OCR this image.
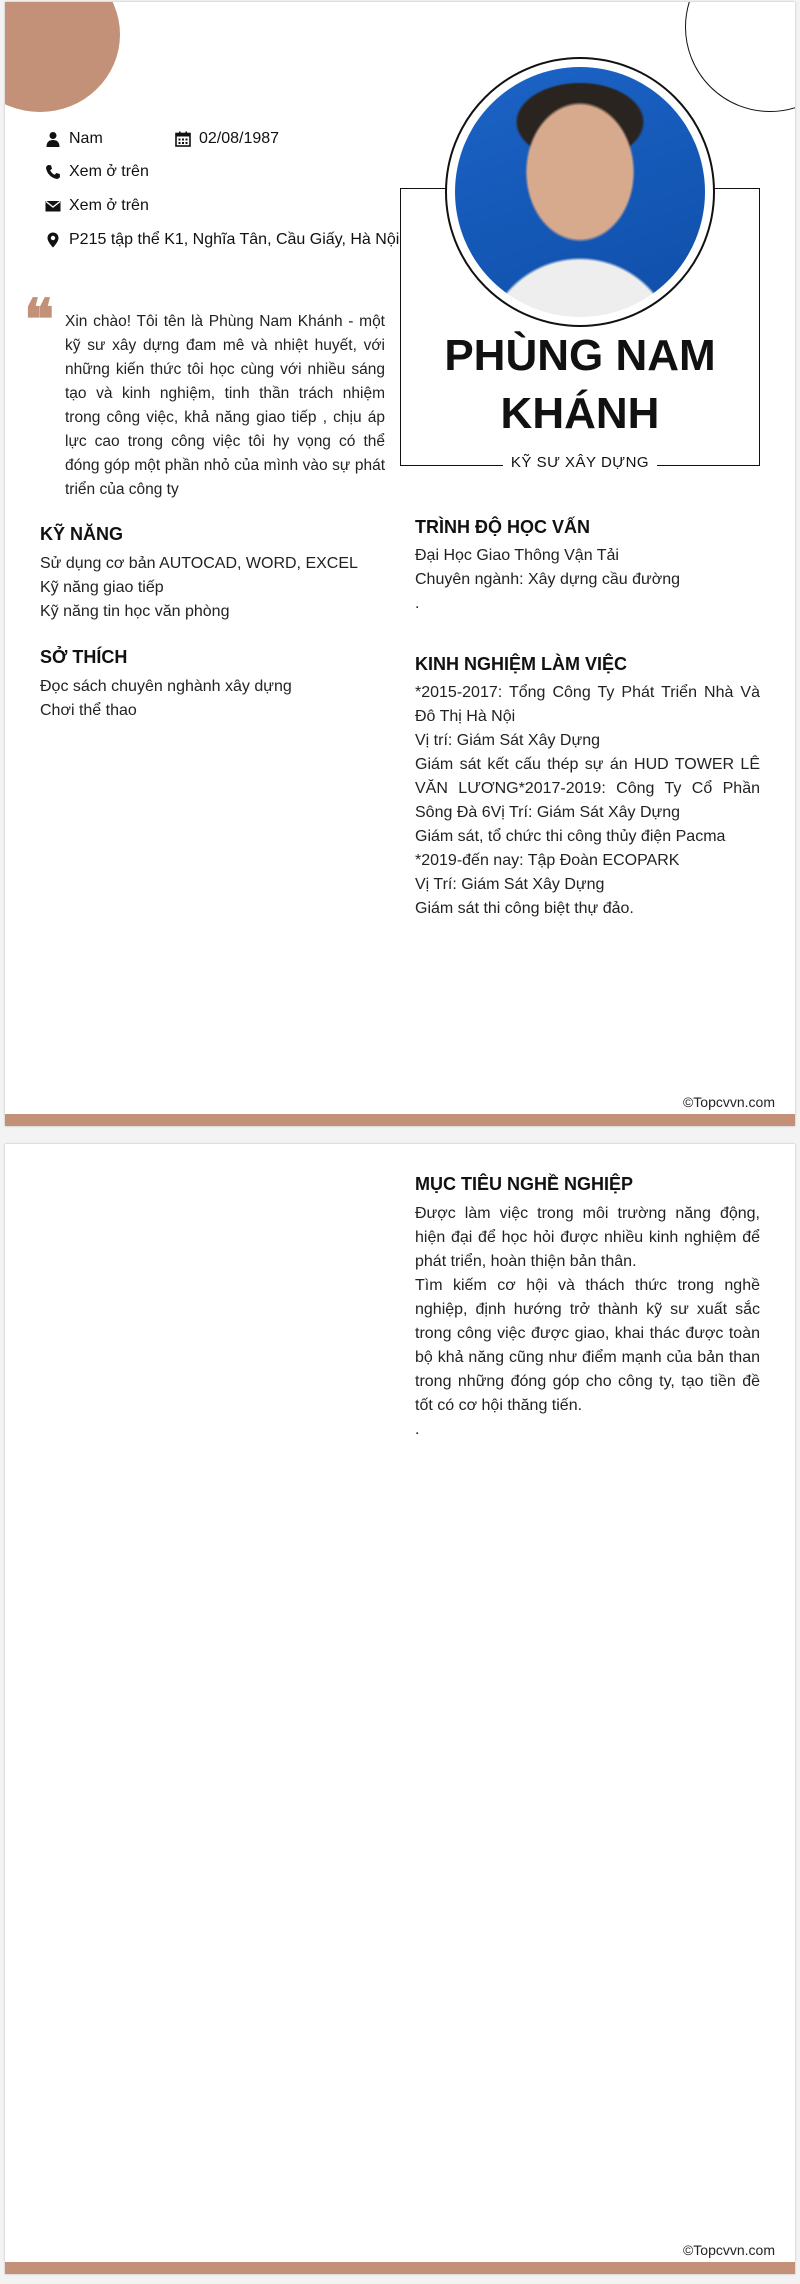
Nam	02/08/1987
Xem ở trên
Xem ở trên
P215 tập thể K1, Nghĩa Tân, Cầu Giấy, Hà Nội
❝ Xin chào! Tôi tên là Phùng Nam Khánh - một kỹ sư xây dựng đam mê và nhiệt huyết, với những kiến thức tôi học cùng với nhiều sáng tạo và kinh nghiệm, tinh thần trách nhiệm trong công việc, khả năng giao tiếp , chịu áp lực cao trong công việc tôi hy vọng có thể đóng góp một phần nhỏ của mình vào sự phát triển của công ty
KỸ NĂNG
Sử dụng cơ bản AUTOCAD, WORD, EXCEL
Kỹ năng giao tiếp
Kỹ năng tin học văn phòng
SỞ THÍCH
Đọc sách chuyên nghành xây dựng
Chơi thể thao
PHÙNG NAM KHÁNH
KỸ SƯ XÂY DỰNG
TRÌNH ĐỘ HỌC VẤN
Đại Học Giao Thông Vận Tải
Chuyên ngành: Xây dựng cầu đường
.
KINH NGHIỆM LÀM VIỆC
*2015-2017: Tổng Công Ty Phát Triển Nhà Và Đô Thị Hà Nội
Vị trí: Giám Sát Xây Dựng
Giám sát kết cấu thép sự án HUD TOWER LÊ VĂN LƯƠNG*2017-2019: Công Ty Cổ Phần Sông Đà 6Vị Trí: Giám Sát Xây Dựng
Giám sát, tổ chức thi công thủy điện Pacma
*2019-đến nay: Tập Đoàn ECOPARK
Vị Trí: Giám Sát Xây Dựng
Giám sát thi công biệt thự đảo.
©Topcvvn.com
MỤC TIÊU NGHỀ NGHIỆP
Được làm việc trong môi trường năng động, hiện đại để học hỏi được nhiều kinh nghiệm để phát triển, hoàn thiện bản thân.
Tìm kiếm cơ hội và thách thức trong nghề nghiệp, định hướng trở thành kỹ sư xuất sắc trong công việc được giao, khai thác được toàn bộ khả năng cũng như điểm mạnh của bản than trong những đóng góp cho công ty, tạo tiền đề tốt có cơ hội thăng tiến.
.
©Topcvvn.com
